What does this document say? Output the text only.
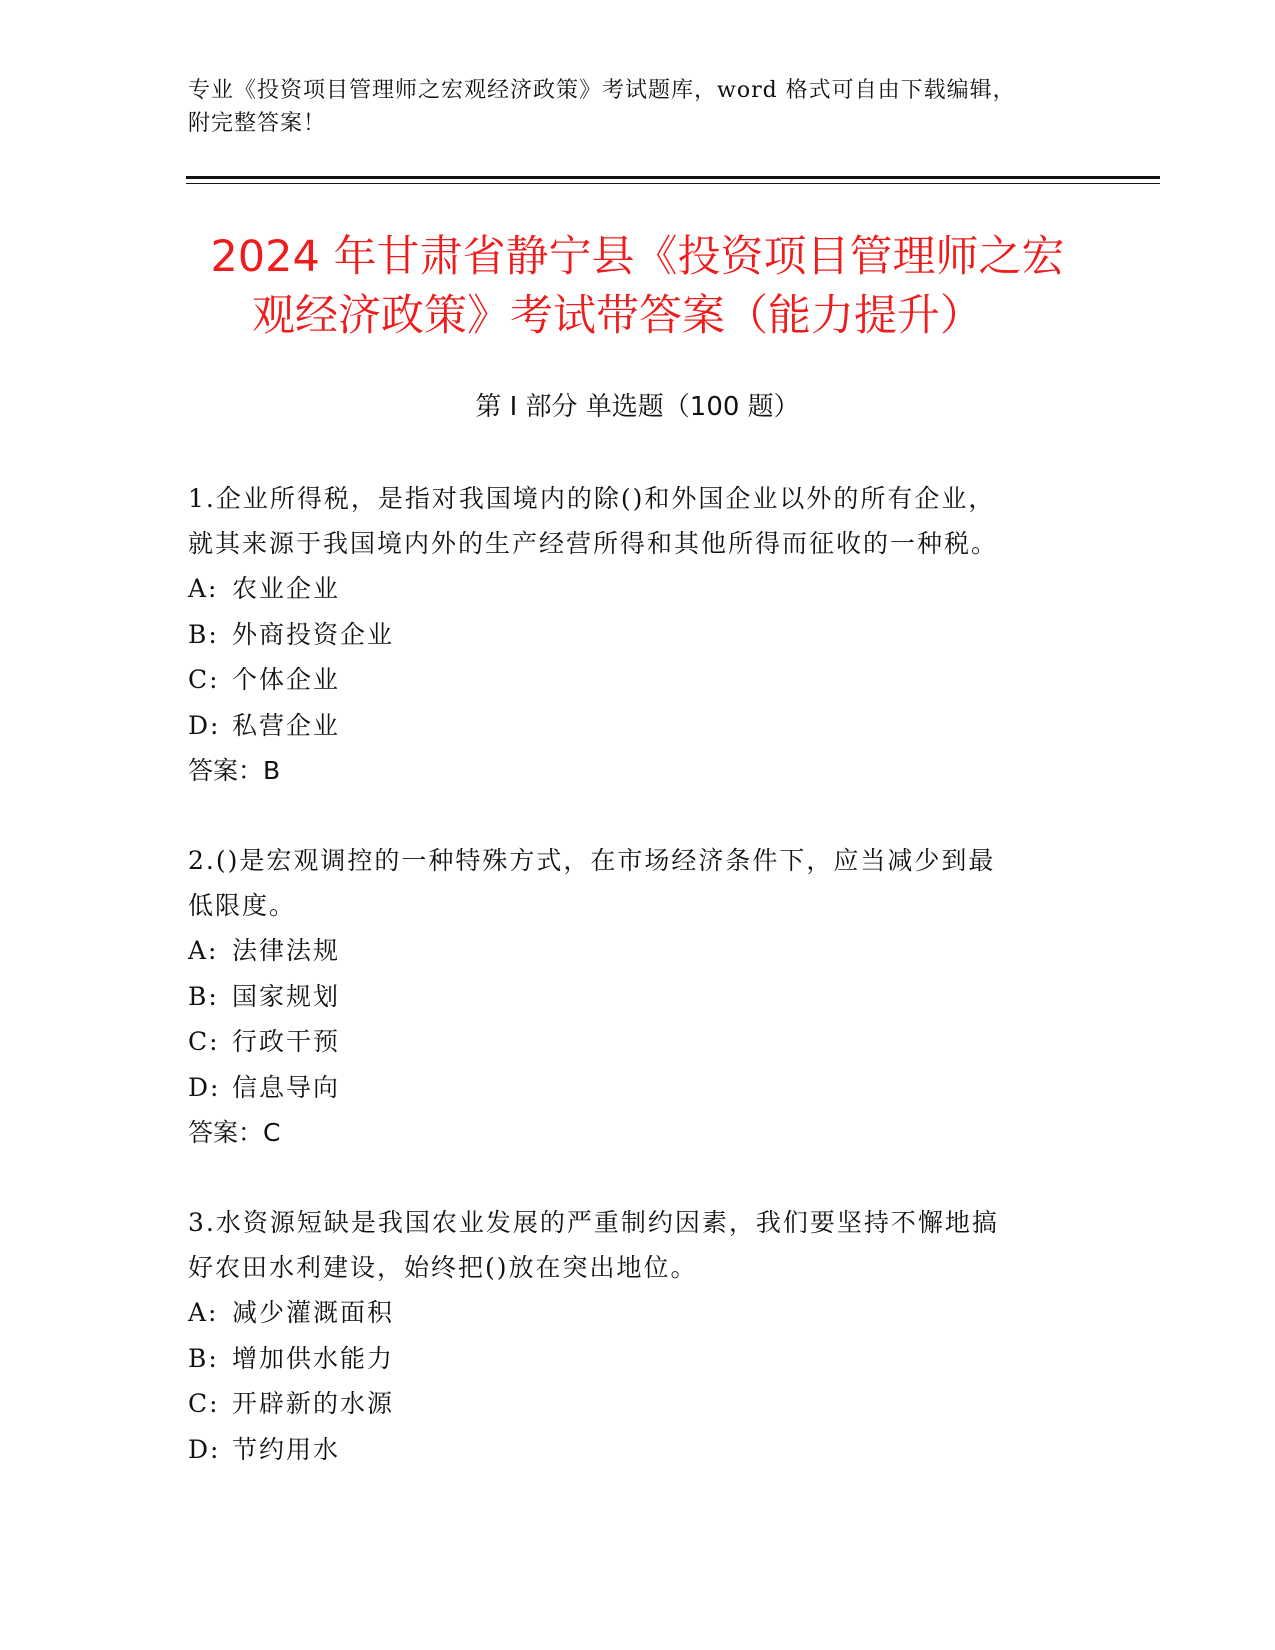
专业《投资项目管理师之宏观经济政策》考试题库，word 格式可自由下载编辑，
附完整答案！
2024 年甘肃省静宁县《投资项目管理师之宏
观经济政策》考试带答案（能力提升）
第 I 部分 单选题（100 题）

1.企业所得税，是指对我国境内的除()和外国企业以外的所有企业，

就其来源于我国境内外的生产经营所得和其他所得而征收的一种税。

A: 农业企业

B: 外商投资企业

C: 个体企业

D: 私营企业

答案：B

2.()是宏观调控的一种特殊方式，在市场经济条件下，应当减少到最

低限度。

A: 法律法规

B: 国家规划

C: 行政干预

D: 信息导向

答案：C

3.水资源短缺是我国农业发展的严重制约因素，我们要坚持不懈地搞

好农田水利建设，始终把()放在突出地位。

A: 减少灌溉面积

B: 增加供水能力

C: 开辟新的水源

D: 节约用水
